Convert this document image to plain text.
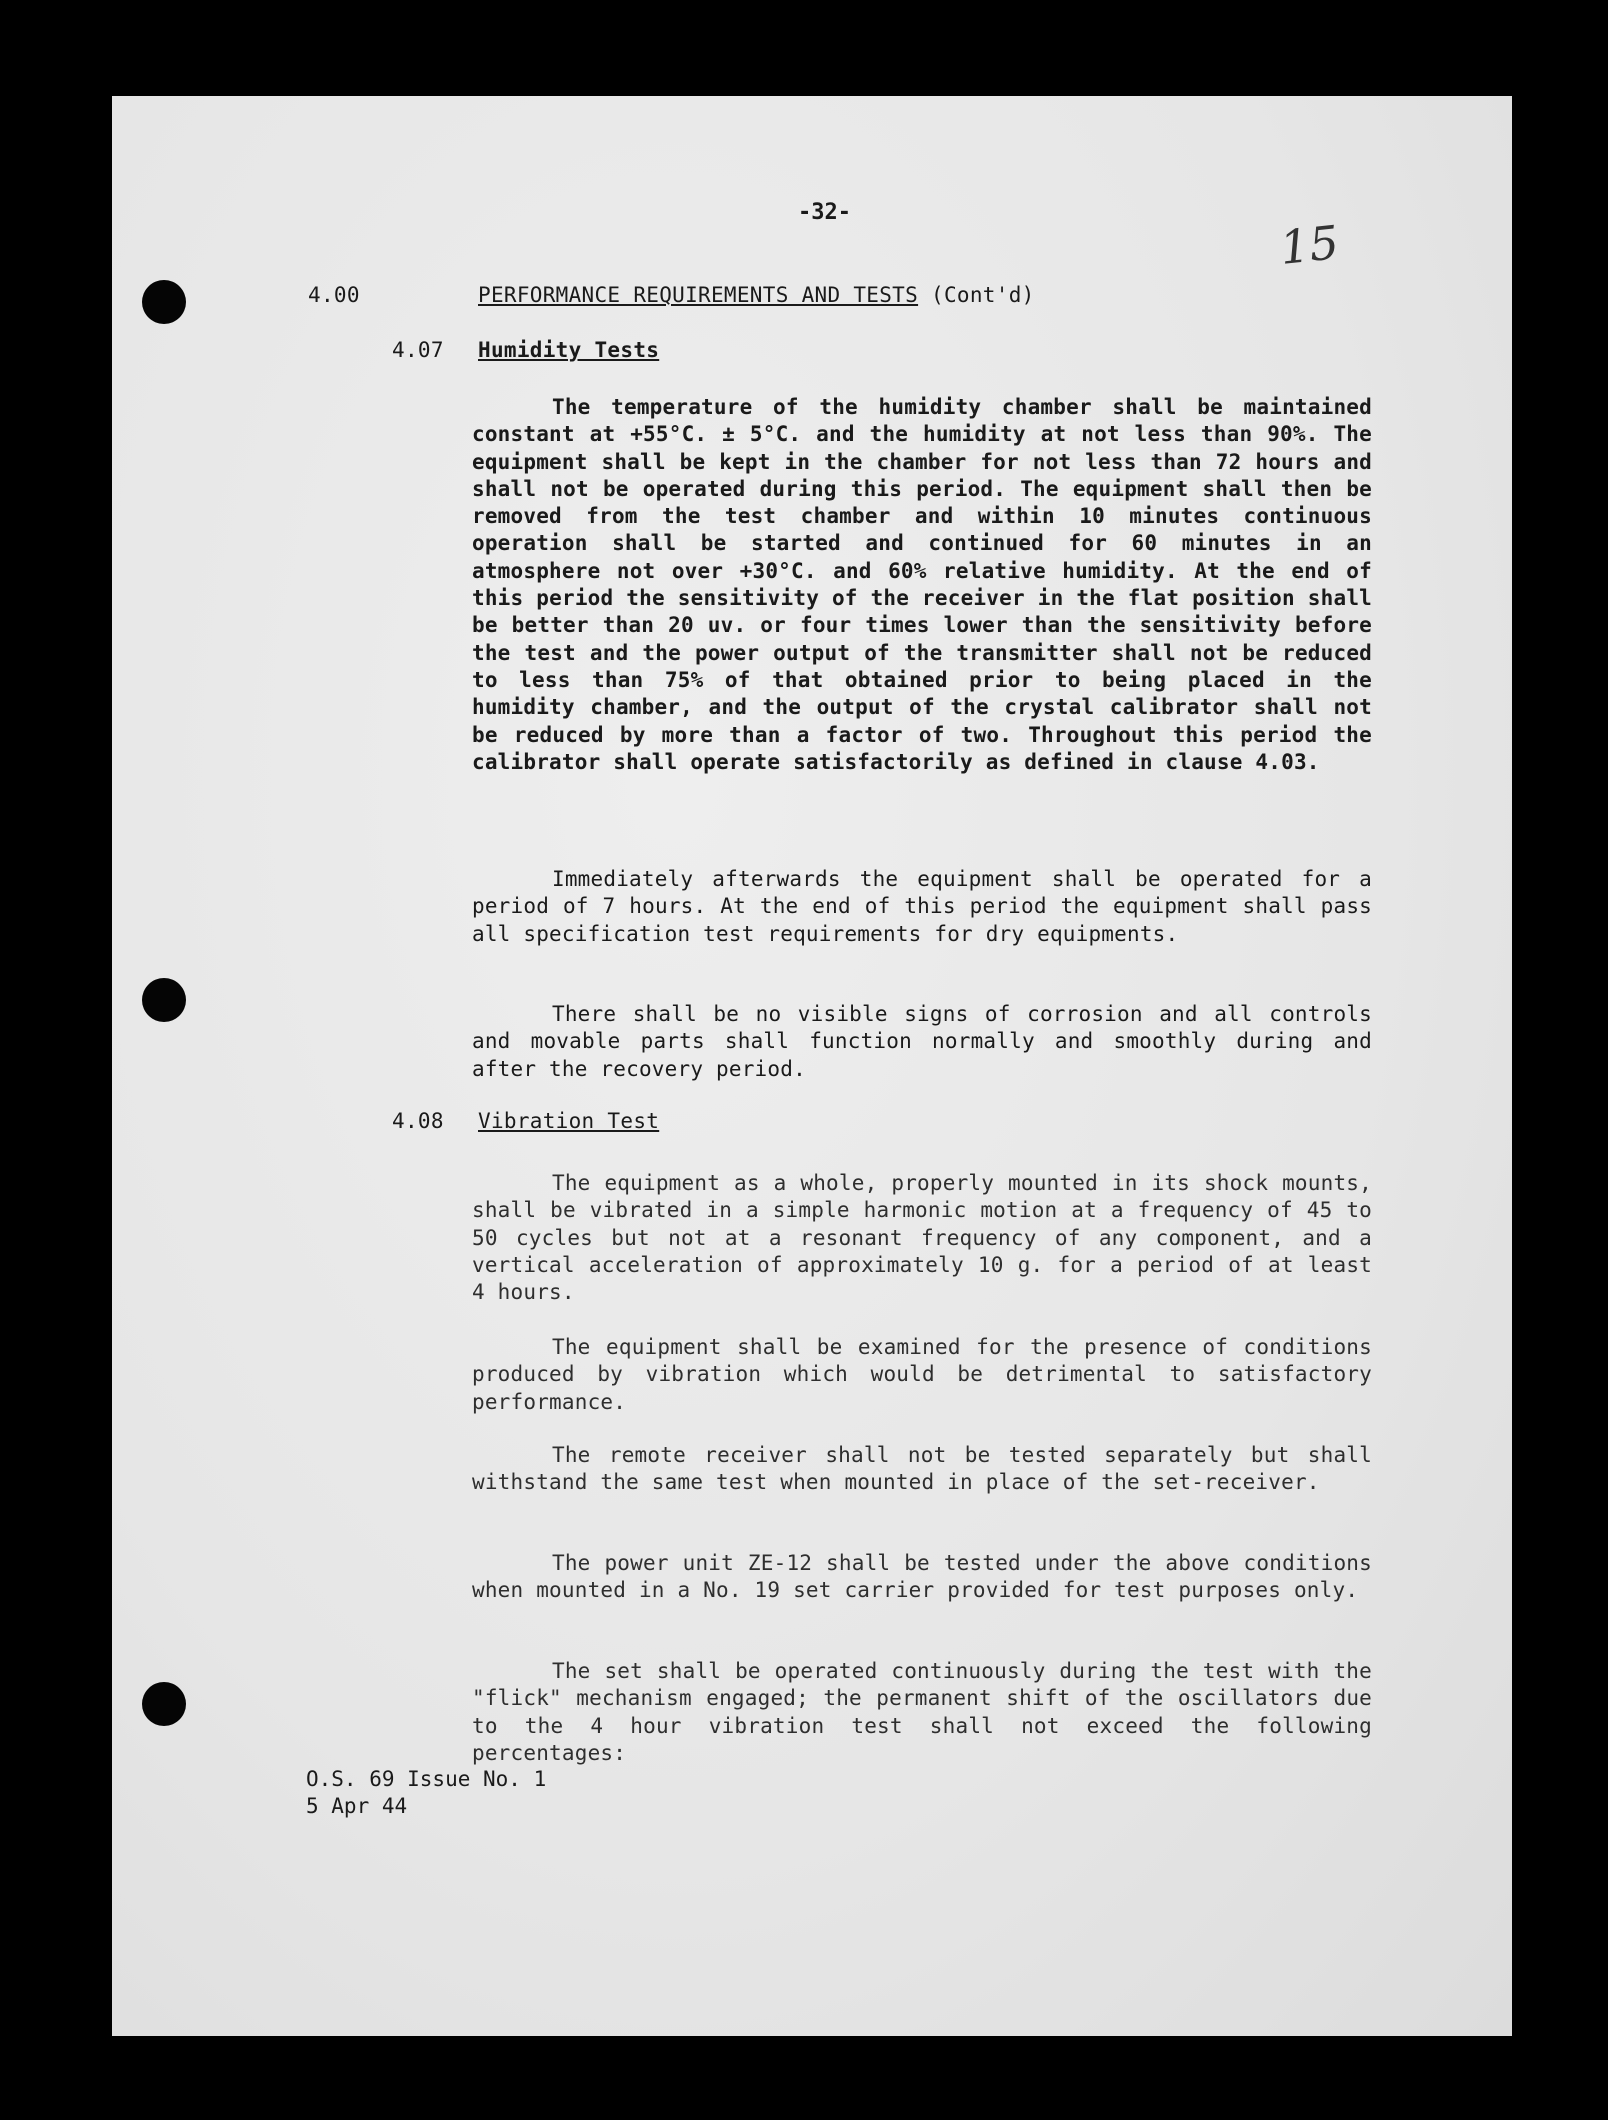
-32-
15
4.00	PERFORMANCE REQUIREMENTS AND TESTS (Cont'd)
4.07 Humidity Tests
The temperature of the humidity chamber shall be maintained constant at +55°C. ± 5°C. and the humidity at not less than 90%. The equipment shall be kept in the chamber for not less than 72 hours and shall not be operated during this period. The equipment shall then be removed from the test chamber and within 10 minutes continuous operation shall be started and continued for 60 minutes in an atmosphere not over +30°C. and 60% relative humidity. At the end of this period the sensitivity of the receiver in the flat position shall be better than 20 uv. or four times lower than the sensitivity before the test and the power output of the transmitter shall not be reduced to less than 75% of that obtained prior to being placed in the humidity chamber, and the output of the crystal calibrator shall not be reduced by more than a factor of two. Throughout this period the calibrator shall operate satisfactorily as defined in clause 4.03.
Immediately afterwards the equipment shall be operated for a period of 7 hours. At the end of this period the equipment shall pass all specification test requirements for dry equipments.
There shall be no visible signs of corrosion and all controls and movable parts shall function normally and smoothly during and after the recovery period.
4.08 Vibration Test
The equipment as a whole, properly mounted in its shock mounts, shall be vibrated in a simple harmonic motion at a frequency of 45 to 50 cycles but not at a resonant frequency of any component, and a vertical acceleration of approximately 10 g. for a period of at least 4 hours.
The equipment shall be examined for the presence of conditions produced by vibration which would be detrimental to satisfactory performance.
The remote receiver shall not be tested separately but shall withstand the same test when mounted in place of the set-receiver.
The power unit ZE-12 shall be tested under the above conditions when mounted in a No. 19 set carrier provided for test purposes only.
The set shall be operated continuously during the test with the "flick" mechanism engaged; the permanent shift of the oscillators due to the 4 hour vibration test shall not exceed the following percentages:
O.S. 69 Issue No. 1
5 Apr 44
